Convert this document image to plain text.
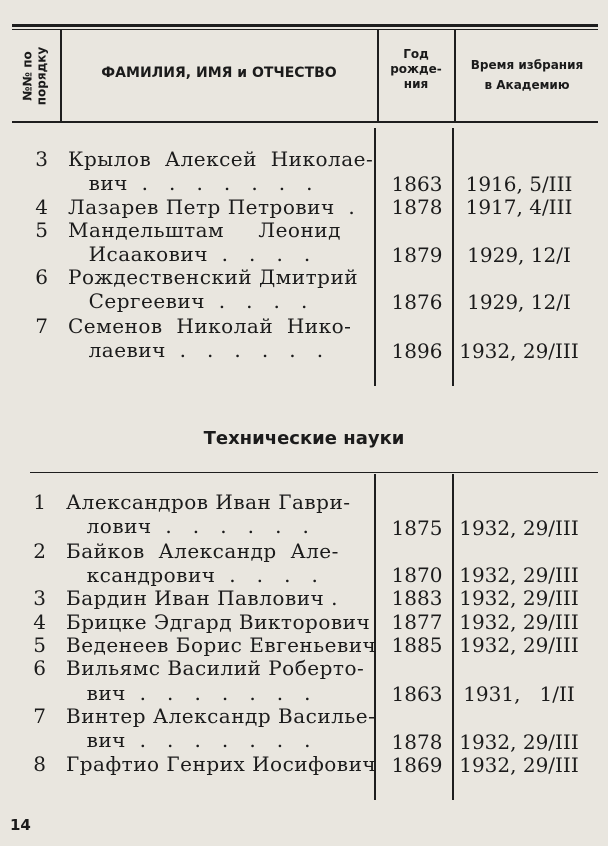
№№ по
порядку	ФАМИЛИЯ, ИМЯ и ОТЧЕСТВО
Год
рожде-
ния
Время избрания
в Академию
3 Крылов  Алексей  Николае-
вич  .   .   .   .   .   .   .	1863	1916, 5/III
4 Лазарев Петр Петрович  .	1878	1917, 4/III
5 Мандельштам     Леонид
Исаакович  .   .   .   .	1879	1929, 12/I
6 Рождественский Дмитрий
Сергеевич  .   .   .   .	1876	1929, 12/I
7 Семенов  Николай  Нико-
лаевич  .   .   .   .   .   .	1896 1932, 29/III
Технические науки
1 Александров Иван Гаври-
лович  .   .   .   .   .   .	1875 1932, 29/III
2 Байков  Александр  Але-
ксандрович  .   .   .   .	1870 1932, 29/III
3 Бардин Иван Павлович .	1883 1932, 29/III
4 Брицке Эдгард Викторович	1877 1932, 29/III
5 Веденеев Борис Евгеньевич 1885 1932, 29/III
6 Вильямс Василий Роберто-
вич  .   .   .   .   .   .   .	1863	1931,   1/II
7 Винтер Александр Васильe-
вич  .   .   .   .   .   .   .	1878 1932, 29/III
8 Графтио Генрих Иосифович 1869 1932, 29/III
14
